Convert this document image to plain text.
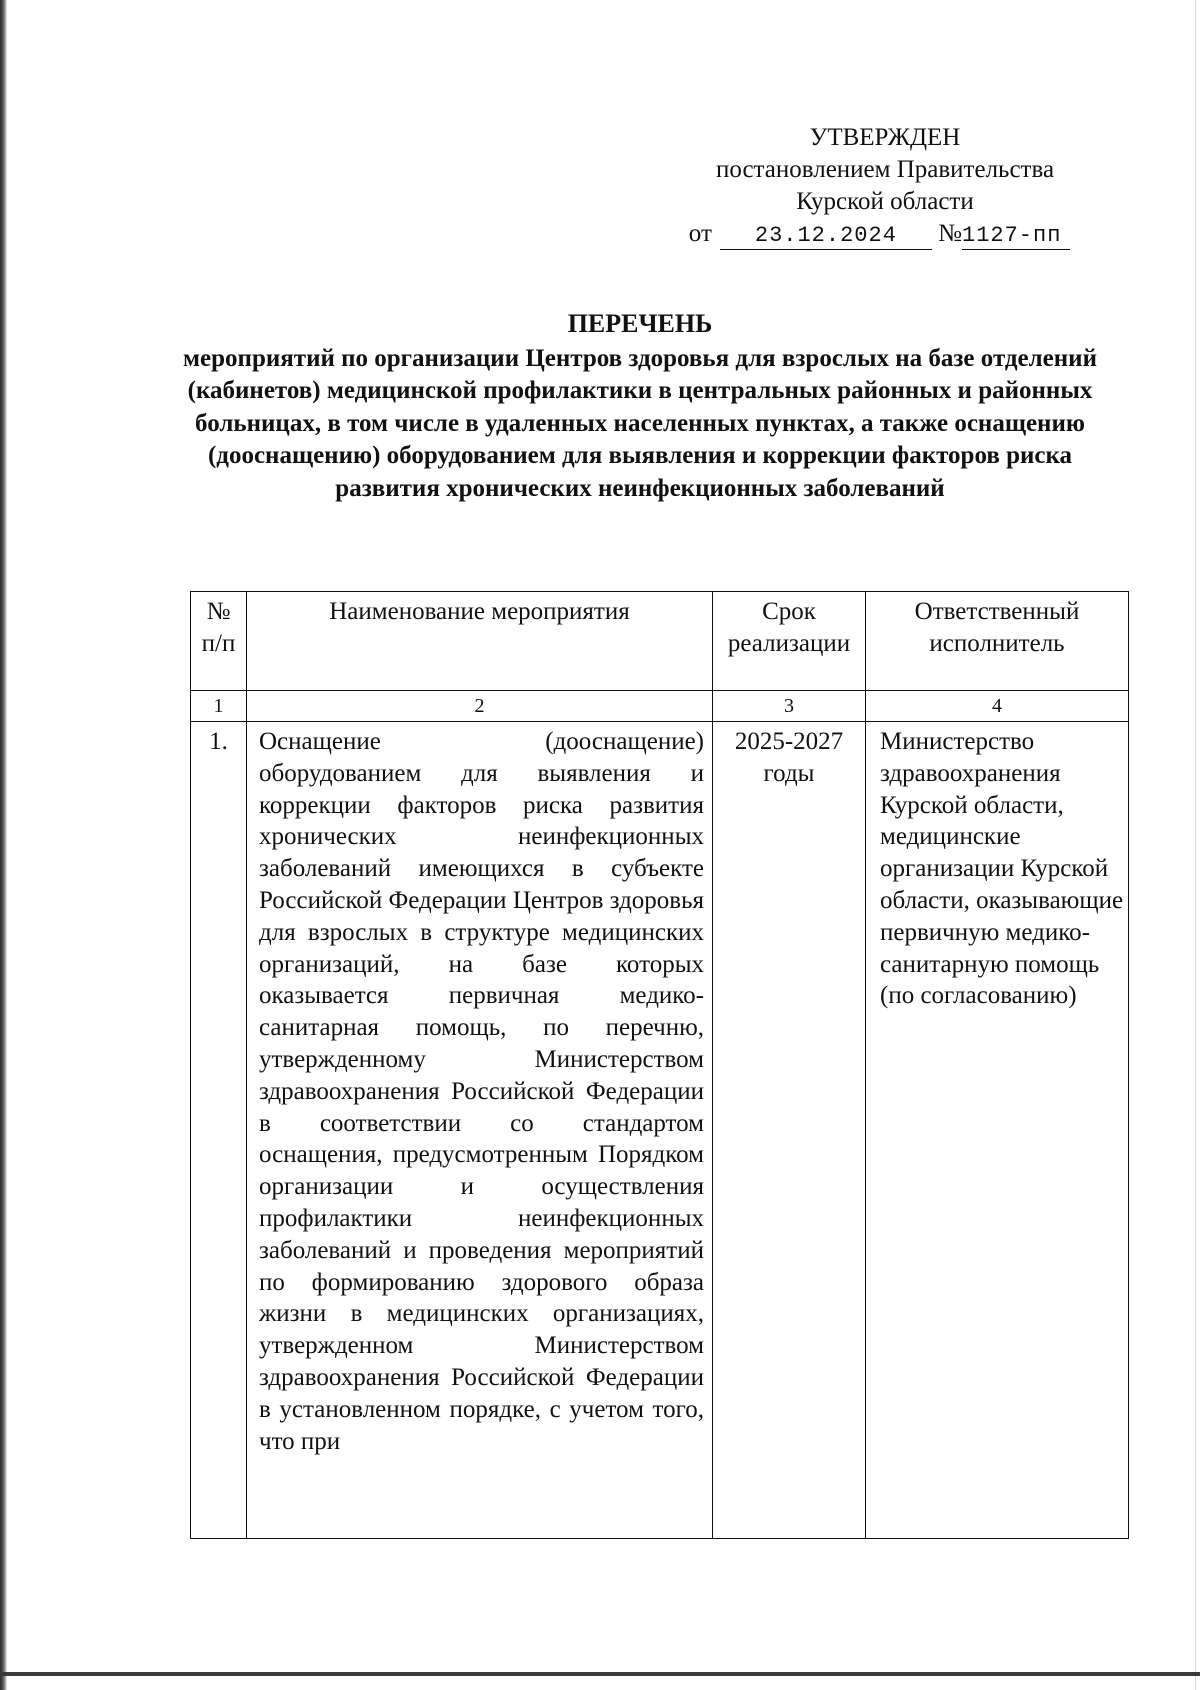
УТВЕРЖДЕН
постановлением Правительства
Курской области
от 23.12.2024 №1127-пп
ПЕРЕЧЕНЬ
мероприятий по организации Центров здоровья для взрослых на базе отделений (кабинетов) медицинской профилактики в центральных районных и районных больницах, в том числе в удаленных населенных пунктах, а также оснащению (дооснащению) оборудованием для выявления и коррекции факторов риска развития хронических неинфекционных заболеваний
№ п/п	Наименование мероприятия	Срок реализации	Ответственный исполнитель
1	2	3	4
1.	Оснащение (дооснащение) оборудованием для выявления и коррекции факторов риска развития хронических неинфекционных заболеваний имеющихся в субъекте Российской Федерации Центров здоровья для взрослых в структуре медицинских организаций, на базе которых оказывается первичная медико-санитарная помощь, по перечню, утвержденному Министерством здравоохранения Российской Федерации в соответствии со стандартом оснащения, предусмотренным Порядком организации и осуществления профилактики неинфекционных заболеваний и проведения мероприятий по формированию здорового образа жизни в медицинских организациях, утвержденном Министерством здравоохранения Российской Федерации в установленном порядке, с учетом того, что при	2025-2027 годы	Министерство здравоохранения Курской области, медицинские организации Курской области, оказывающие первичную медико-санитарную помощь (по согласованию)
